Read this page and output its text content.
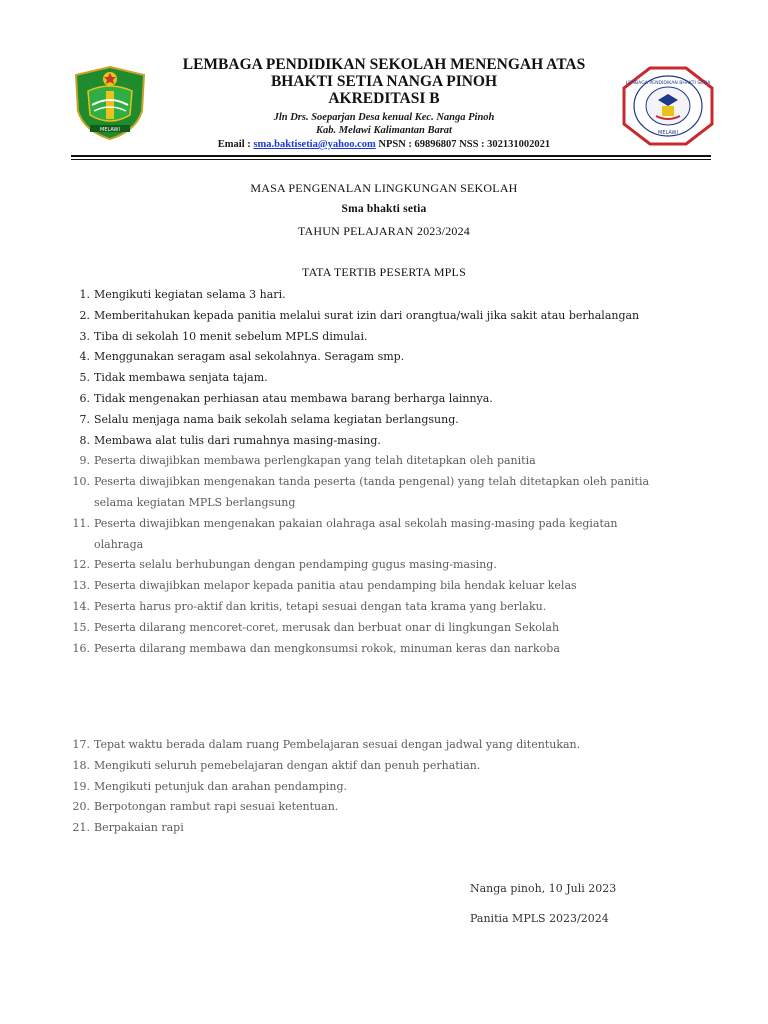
MELAWI
LEMBAGA PENDIDIKAN BHAKTI SETIA
MELAWI
LEMBAGA PENDIDIKAN SEKOLAH MENENGAH ATAS
BHAKTI SETIA NANGA PINOH
AKREDITASI B
Jln Drs. Soeparjan Desa kenual Kec. Nanga Pinoh
Kab. Melawi Kalimantan Barat
Email : sma.baktisetia@yahoo.com NPSN : 69896807 NSS : 302131002021
MASA PENGENALAN LINGKUNGAN SEKOLAH
Sma bhakti setia
TAHUN PELAJARAN 2023/2024
TATA TERTIB PESERTA MPLS
1. Mengikuti kegiatan selama 3 hari.
2. Memberitahukan kepada panitia melalui surat izin dari orangtua/wali jika sakit atau berhalangan
3. Tiba di sekolah 10 menit sebelum MPLS dimulai.
4. Menggunakan seragam asal sekolahnya. Seragam smp.
5. Tidak membawa senjata tajam.
6. Tidak mengenakan perhiasan atau membawa barang berharga lainnya.
7. Selalu menjaga nama baik sekolah selama kegiatan berlangsung.
8. Membawa alat tulis dari rumahnya masing-masing.
9. Peserta diwajibkan membawa perlengkapan yang telah ditetapkan oleh panitia
10. Peserta diwajibkan mengenakan tanda peserta (tanda pengenal) yang telah ditetapkan oleh panitia
selama kegiatan MPLS berlangsung
11. Peserta diwajibkan mengenakan pakaian olahraga asal sekolah masing-masing pada kegiatan
olahraga
12. Peserta selalu berhubungan dengan pendamping gugus masing-masing.
13. Peserta diwajibkan melapor kepada panitia atau pendamping bila hendak keluar kelas
14. Peserta harus pro-aktif dan kritis, tetapi sesuai dengan tata krama yang berlaku.
15. Peserta dilarang mencoret-coret, merusak dan berbuat onar di lingkungan Sekolah
16. Peserta dilarang membawa dan mengkonsumsi rokok, minuman keras dan narkoba
17. Tepat waktu berada dalam ruang Pembelajaran sesuai dengan jadwal yang ditentukan.
18. Mengikuti seluruh pemebelajaran dengan aktif dan penuh perhatian.
19. Mengikuti petunjuk dan arahan pendamping.
20. Berpotongan rambut rapi sesuai ketentuan.
21. Berpakaian rapi
Nanga pinoh, 10 Juli 2023
Panitia MPLS 2023/2024
